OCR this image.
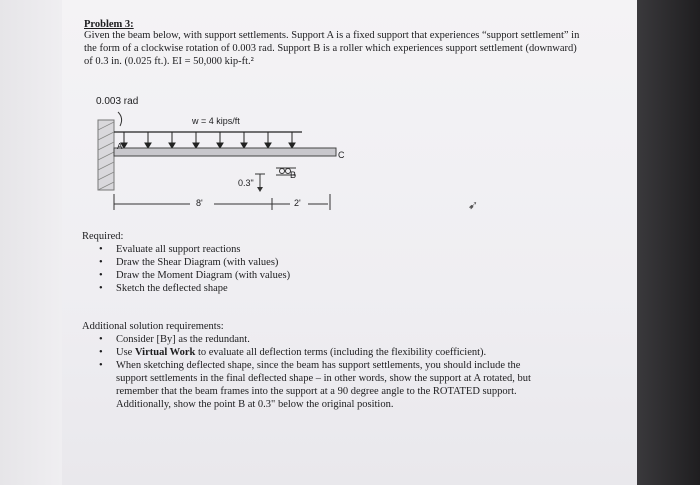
Problem 3:
Given the beam below, with support settlements. Support A is a fixed support that experiences “support settlement” in the form of a clockwise rotation of 0.003 rad. Support B is a roller which experiences support settlement (downward) of 0.3 in. (0.025 ft.). EI = 50,000 kip-ft.²
0.003 rad
w = 4 kips/ft
A
B
C
0.3"
8'	2'	➹
Required:
• Evaluate all support reactions
• Draw the Shear Diagram (with values)
• Draw the Moment Diagram (with values)
• Sketch the deflected shape
Additional solution requirements:
• Consider [By] as the redundant.
• Use Virtual Work to evaluate all deflection terms (including the flexibility coefficient).
• When sketching deflected shape, since the beam has support settlements, you should include the support settlements in the final deflected shape – in other words, show the support at A rotated, but remember that the beam frames into the support at a 90 degree angle to the ROTATED support. Additionally, show the point B at 0.3" below the original position.
